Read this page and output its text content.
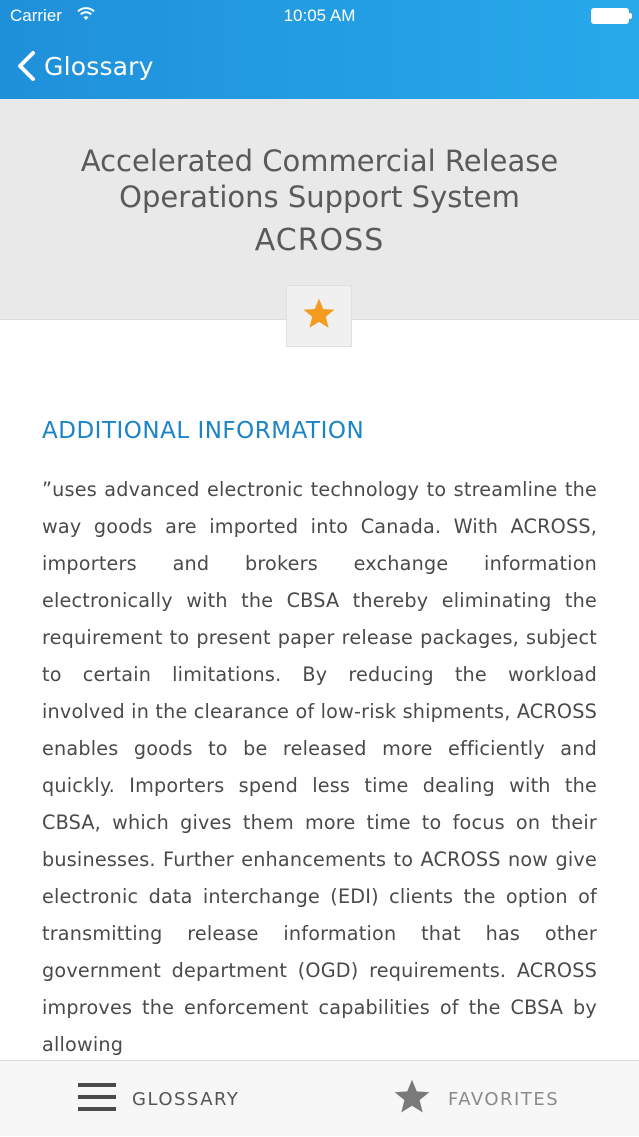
Carrier	10:05 AM
Glossary
Accelerated Commercial Release Operations Support System
ACROSS
ADDITIONAL INFORMATION
”uses advanced electronic technology to streamline the way goods are imported into Canada. With ACROSS, importers and brokers exchange information electronically with the CBSA thereby eliminating the requirement to present paper release packages, subject to certain limitations. By reducing the workload involved in the clearance of low-risk shipments, ACROSS enables goods to be released more efficiently and quickly. Importers spend less time dealing with the CBSA, which gives them more time to focus on their businesses. Further enhancements to ACROSS now give electronic data interchange (EDI) clients the option of transmitting release information that has other government department (OGD) requirements. ACROSS improves the enforcement capabilities of the CBSA by allowing
GLOSSARY	FAVORITES
